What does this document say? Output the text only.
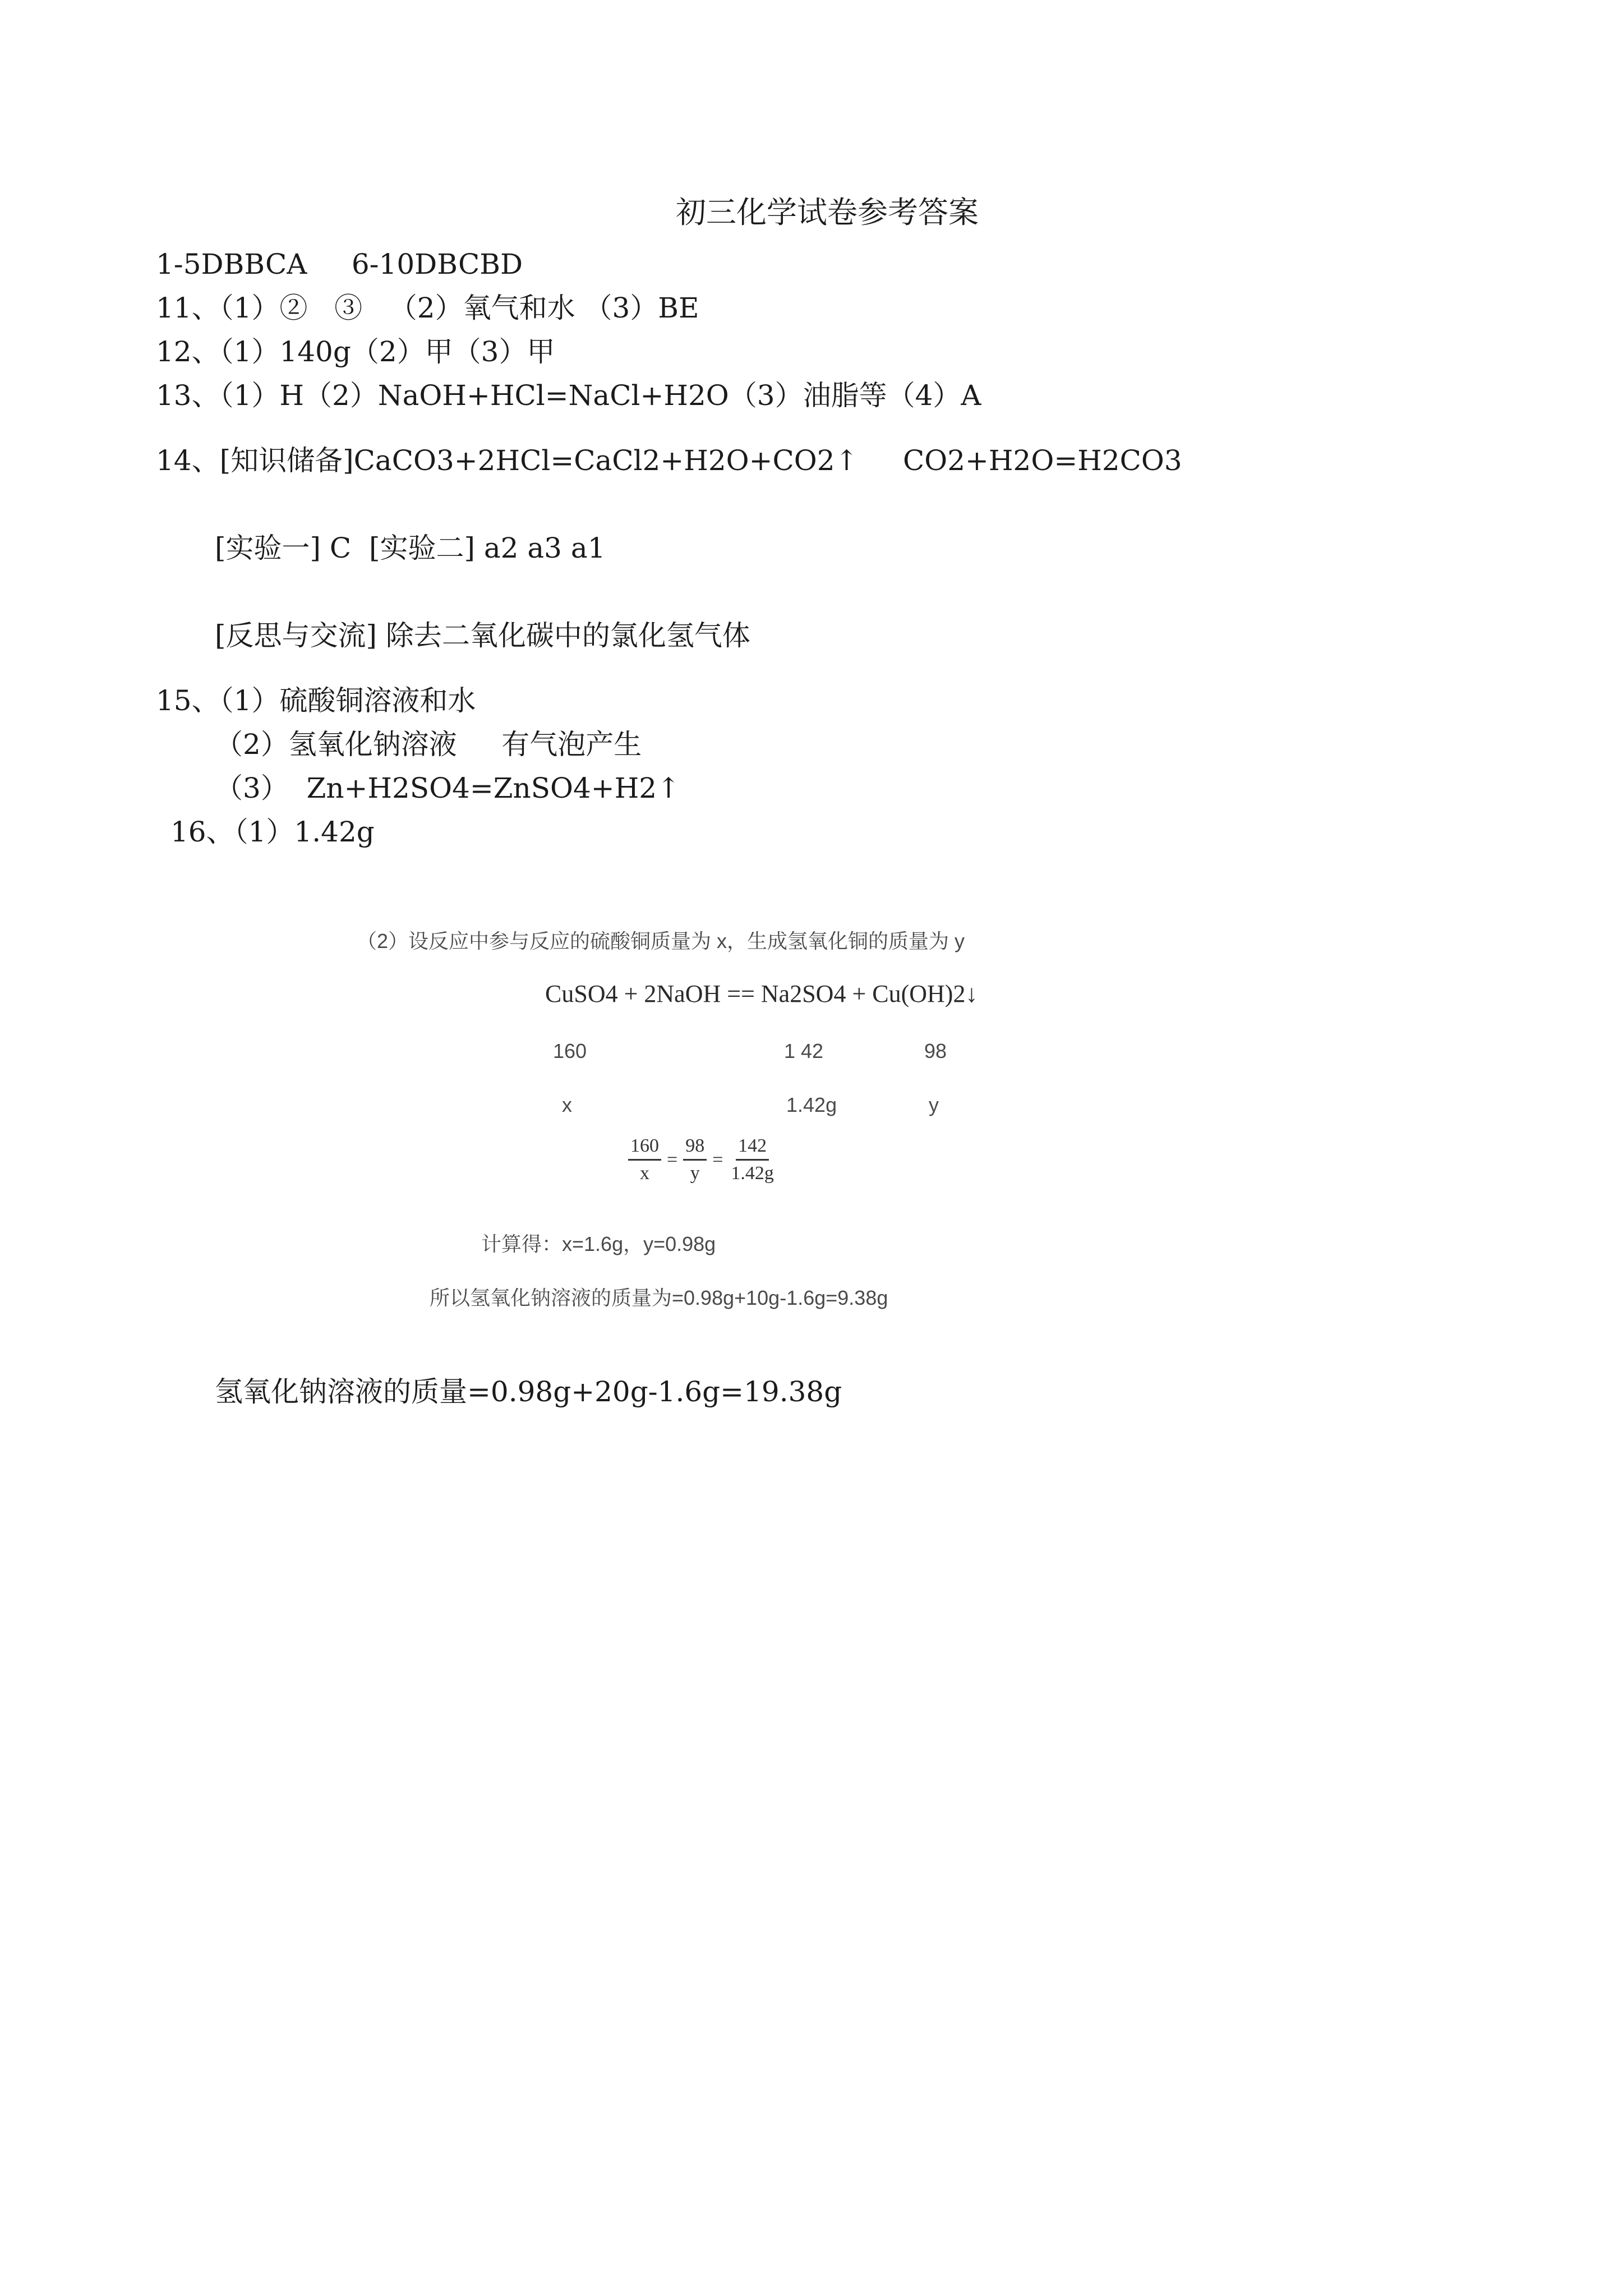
初三化学试卷参考答案
1-5DBBCA     6-10DBCBD
11、（1）②   ③   （2）氧气和水 （3）BE
12、（1）140g（2）甲（3）甲
13、（1）H（2）NaOH+HCl=NaCl+H2O（3）油脂等（4）A
14、[知识储备]CaCO3+2HCl=CaCl2+H2O+CO2↑     CO2+H2O=H2CO3
[实验一] C  [实验二] a2 a3 a1
[反思与交流] 除去二氧化碳中的氯化氢气体
15、（1）硫酸铜溶液和水
（2）氢氧化钠溶液     有气泡产生
（3）  Zn+H2SO4=ZnSO4+H2↑
16、（1）1.42g
（2）设反应中参与反应的硫酸铜质量为 x，生成氢氧化铜的质量为 y
CuSO4 + 2NaOH == Na2SO4 + Cu(OH)2↓
160	1 42	98
x	1.42g	y
$\frac{160}{x} = \frac{98}{y} = \frac{142}{1.42g}$
计算得：x=1.6g，y=0.98g
所以氢氧化钠溶液的质量为=0.98g+10g-1.6g=9.38g
氢氧化钠溶液的质量=0.98g+20g-1.6g=19.38g
